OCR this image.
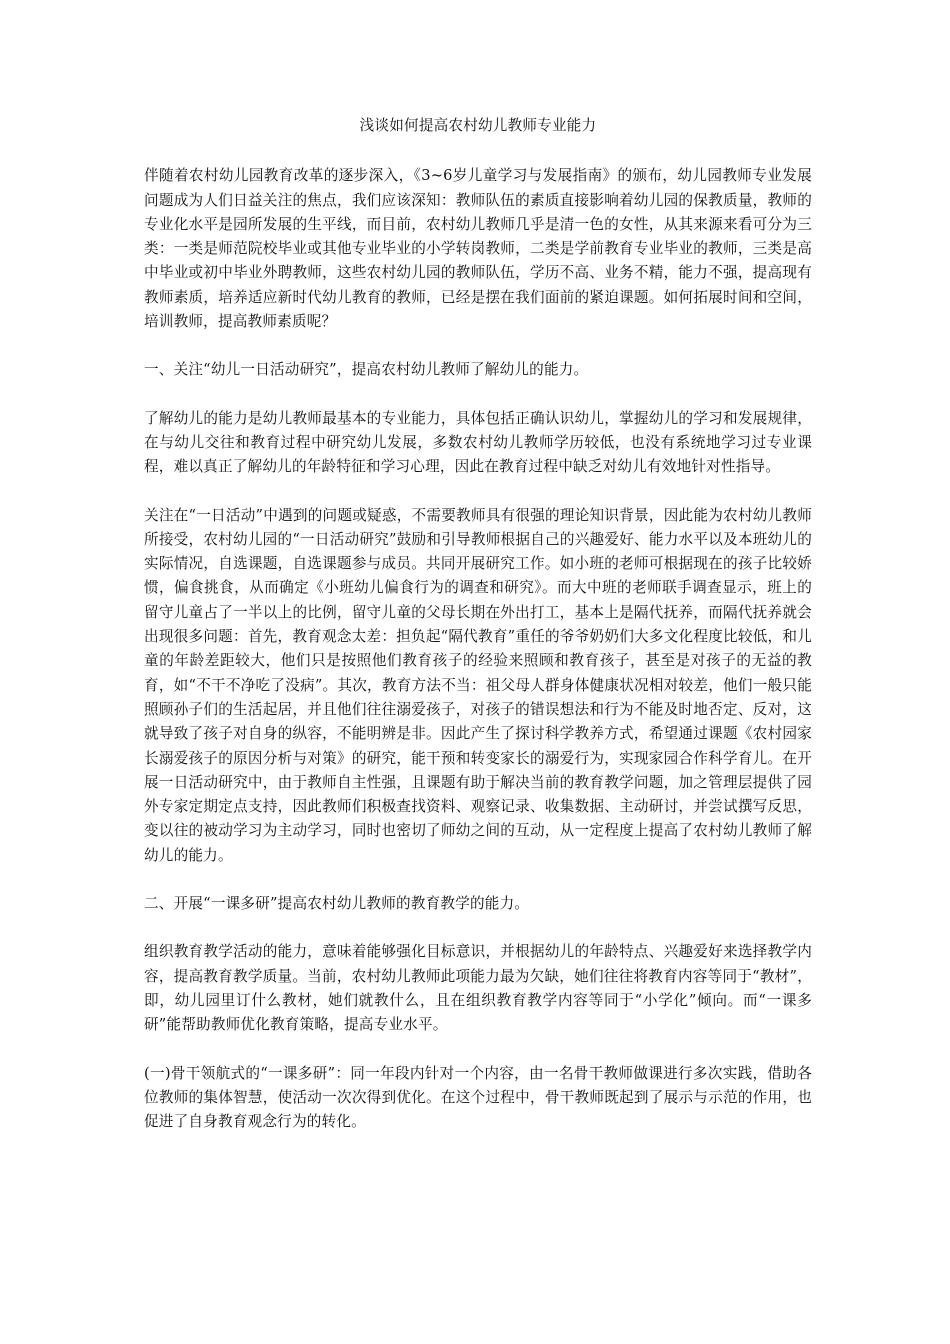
浅谈如何提高农村幼儿教师专业能力

伴随着农村幼儿园教育改革的逐步深入，《3~6岁儿童学习与发展指南》的颁布，幼儿园教师专业发展问题成为人们日益关注的焦点，我们应该深知：教师队伍的素质直接影响着幼儿园的保教质量，教师的专业化水平是园所发展的生平线，而目前，农村幼儿教师几乎是清一色的女性，从其来源来看可分为三类：一类是师范院校毕业或其他专业毕业的小学转岗教师，二类是学前教育专业毕业的教师，三类是高中毕业或初中毕业外聘教师，这些农村幼儿园的教师队伍，学历不高、业务不精，能力不强，提高现有教师素质，培养适应新时代幼儿教育的教师，已经是摆在我们面前的紧迫课题。如何拓展时间和空间，培训教师，提高教师素质呢？

一、关注“幼儿一日活动研究”，提高农村幼儿教师了解幼儿的能力。

了解幼儿的能力是幼儿教师最基本的专业能力，具体包括正确认识幼儿，掌握幼儿的学习和发展规律，在与幼儿交往和教育过程中研究幼儿发展，多数农村幼儿教师学历较低，也没有系统地学习过专业课程，难以真正了解幼儿的年龄特征和学习心理，因此在教育过程中缺乏对幼儿有效地针对性指导。

关注在“一日活动”中遇到的问题或疑惑，不需要教师具有很强的理论知识背景，因此能为农村幼儿教师所接受，农村幼儿园的“一日活动研究”鼓励和引导教师根据自己的兴趣爱好、能力水平以及本班幼儿的实际情况，自选课题，自选课题参与成员。共同开展研究工作。如小班的老师可根据现在的孩子比较娇惯，偏食挑食，从而确定《小班幼儿偏食行为的调查和研究》。而大中班的老师联手调查显示，班上的留守儿童占了一半以上的比例，留守儿童的父母长期在外出打工，基本上是隔代抚养，而隔代抚养就会出现很多问题：首先，教育观念太差：担负起“隔代教育”重任的爷爷奶奶们大多文化程度比较低，和儿童的年龄差距较大，他们只是按照他们教育孩子的经验来照顾和教育孩子，甚至是对孩子的无益的教育，如“不干不净吃了没病”。其次，教育方法不当：祖父母人群身体健康状况相对较差，他们一般只能照顾孙子们的生活起居，并且他们往往溺爱孩子，对孩子的错误想法和行为不能及时地否定、反对，这就导致了孩子对自身的纵容，不能明辨是非。因此产生了探讨科学教养方式，希望通过课题《农村园家长溺爱孩子的原因分析与对策》的研究，能干预和转变家长的溺爱行为，实现家园合作科学育儿。在开展一日活动研究中，由于教师自主性强，且课题有助于解决当前的教育教学问题，加之管理层提供了园外专家定期定点支持，因此教师们积极查找资料、观察记录、收集数据、主动研讨，并尝试撰写反思，变以往的被动学习为主动学习，同时也密切了师幼之间的互动，从一定程度上提高了农村幼儿教师了解幼儿的能力。

二、开展“一课多研”提高农村幼儿教师的教育教学的能力。

组织教育教学活动的能力，意味着能够强化目标意识，并根据幼儿的年龄特点、兴趣爱好来选择教学内容，提高教育教学质量。当前，农村幼儿教师此项能力最为欠缺，她们往往将教育内容等同于“教材”，即，幼儿园里订什么教材，她们就教什么，且在组织教育教学内容等同于“小学化”倾向。而“一课多研”能帮助教师优化教育策略，提高专业水平。

(一)骨干领航式的“一课多研”：同一年段内针对一个内容，由一名骨干教师做课进行多次实践，借助各位教师的集体智慧，使活动一次次得到优化。在这个过程中，骨干教师既起到了展示与示范的作用，也促进了自身教育观念行为的转化。
